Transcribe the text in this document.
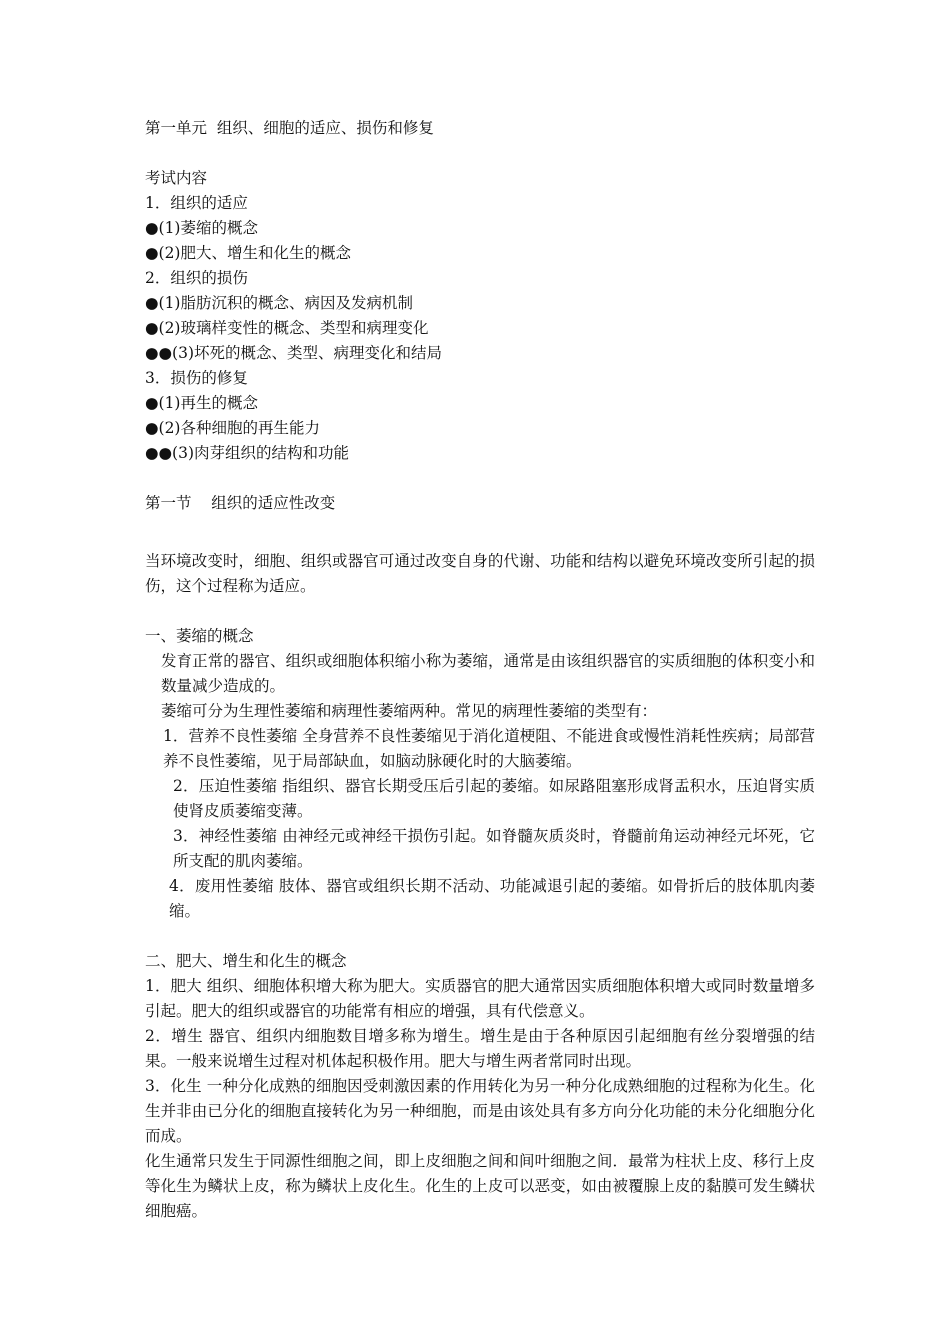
第一单元  组织、细胞的适应、损伤和修复
考试内容
1．组织的适应
●(1)萎缩的概念
●(2)肥大、增生和化生的概念
2．组织的损伤
●(1)脂肪沉积的概念、病因及发病机制
●(2)玻璃样变性的概念、类型和病理变化
●●(3)坏死的概念、类型、病理变化和结局
3．损伤的修复
●(1)再生的概念
●(2)各种细胞的再生能力
●●(3)肉芽组织的结构和功能
第一节    组织的适应性改变
当环境改变时，细胞、组织或器官可通过改变自身的代谢、功能和结构以避免环境改变所引起的损伤，这个过程称为适应。
一、萎缩的概念
发育正常的器官、组织或细胞体积缩小称为萎缩，通常是由该组织器官的实质细胞的体积变小和数量减少造成的。
萎缩可分为生理性萎缩和病理性萎缩两种。常见的病理性萎缩的类型有：
1．营养不良性萎缩 全身营养不良性萎缩见于消化道梗阻、不能进食或慢性消耗性疾病；局部营养不良性萎缩，见于局部缺血，如脑动脉硬化时的大脑萎缩。
2．压迫性萎缩 指组织、器官长期受压后引起的萎缩。如尿路阻塞形成肾盂积水，压迫肾实质使肾皮质萎缩变薄。
3．神经性萎缩 由神经元或神经干损伤引起。如脊髓灰质炎时，脊髓前角运动神经元坏死，它所支配的肌肉萎缩。
4．废用性萎缩 肢体、器官或组织长期不活动、功能减退引起的萎缩。如骨折后的肢体肌肉萎缩。
二、肥大、增生和化生的概念
1．肥大 组织、细胞体积增大称为肥大。实质器官的肥大通常因实质细胞体积增大或同时数量增多引起。肥大的组织或器官的功能常有相应的增强，具有代偿意义。
2．增生 器官、组织内细胞数目增多称为增生。增生是由于各种原因引起细胞有丝分裂增强的结果。一般来说增生过程对机体起积极作用。肥大与增生两者常同时出现。
3．化生 一种分化成熟的细胞因受刺激因素的作用转化为另一种分化成熟细胞的过程称为化生。化生并非由已分化的细胞直接转化为另一种细胞，而是由该处具有多方向分化功能的未分化细胞分化而成。
化生通常只发生于同源性细胞之间，即上皮细胞之间和间叶细胞之间．最常为柱状上皮、移行上皮等化生为鳞状上皮，称为鳞状上皮化生。化生的上皮可以恶变，如由被覆腺上皮的黏膜可发生鳞状细胞癌。
